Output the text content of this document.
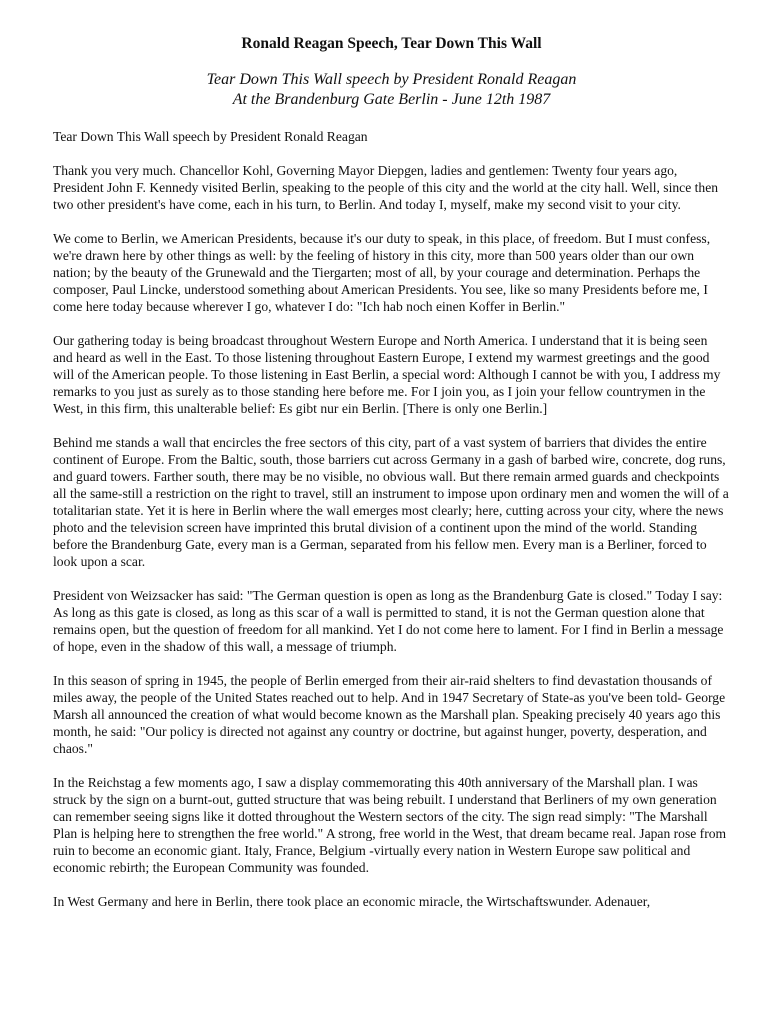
Ronald Reagan Speech, Tear Down This Wall
Tear Down This Wall speech by President Ronald Reagan
At the Brandenburg Gate Berlin - June 12th 1987
Tear Down This Wall speech by President Ronald Reagan
Thank you very much. Chancellor Kohl, Governing Mayor Diepgen, ladies and gentlemen: Twenty four years ago, President John F. Kennedy visited Berlin, speaking to the people of this city and the world at the city hall. Well, since then two other president's have come, each in his turn, to Berlin. And today I, myself, make my second visit to your city.
We come to Berlin, we American Presidents, because it's our duty to speak, in this place, of freedom. But I must confess, we're drawn here by other things as well: by the feeling of history in this city, more than 500 years older than our own nation; by the beauty of the Grunewald and the Tiergarten; most of all, by your courage and determination. Perhaps the composer, Paul Lincke, understood something about American Presidents. You see, like so many Presidents before me, I come here today because wherever I go, whatever I do: "Ich hab noch einen Koffer in Berlin."
Our gathering today is being broadcast throughout Western Europe and North America. I understand that it is being seen and heard as well in the East. To those listening throughout Eastern Europe, I extend my warmest greetings and the good will of the American people. To those listening in East Berlin, a special word: Although I cannot be with you, I address my remarks to you just as surely as to those standing here before me. For I join you, as I join your fellow countrymen in the West, in this firm, this unalterable belief: Es gibt nur ein Berlin. [There is only one Berlin.]
Behind me stands a wall that encircles the free sectors of this city, part of a vast system of barriers that divides the entire continent of Europe. From the Baltic, south, those barriers cut across Germany in a gash of barbed wire, concrete, dog runs, and guard towers. Farther south, there may be no visible, no obvious wall. But there remain armed guards and checkpoints all the same-still a restriction on the right to travel, still an instrument to impose upon ordinary men and women the will of a totalitarian state. Yet it is here in Berlin where the wall emerges most clearly; here, cutting across your city, where the news photo and the television screen have imprinted this brutal division of a continent upon the mind of the world. Standing before the Brandenburg Gate, every man is a German, separated from his fellow men. Every man is a Berliner, forced to look upon a scar.
President von Weizsacker has said: "The German question is open as long as the Brandenburg Gate is closed." Today I say: As long as this gate is closed, as long as this scar of a wall is permitted to stand, it is not the German question alone that remains open, but the question of freedom for all mankind. Yet I do not come here to lament. For I find in Berlin a message of hope, even in the shadow of this wall, a message of triumph.
In this season of spring in 1945, the people of Berlin emerged from their air-raid shelters to find devastation thousands of miles away, the people of the United States reached out to help. And in 1947 Secretary of State-as you've been told- George Marsh all announced the creation of what would become known as the Marshall plan. Speaking precisely 40 years ago this month, he said: "Our policy is directed not against any country or doctrine, but against hunger, poverty, desperation, and chaos."
In the Reichstag a few moments ago, I saw a display commemorating this 40th anniversary of the Marshall plan. I was struck by the sign on a burnt-out, gutted structure that was being rebuilt. I understand that Berliners of my own generation can remember seeing signs like it dotted throughout the Western sectors of the city. The sign read simply: "The Marshall Plan is helping here to strengthen the free world." A strong, free world in the West, that dream became real. Japan rose from ruin to become an economic giant. Italy, France, Belgium -virtually every nation in Western Europe saw political and economic rebirth; the European Community was founded.
In West Germany and here in Berlin, there took place an economic miracle, the Wirtschaftswunder. Adenauer,
